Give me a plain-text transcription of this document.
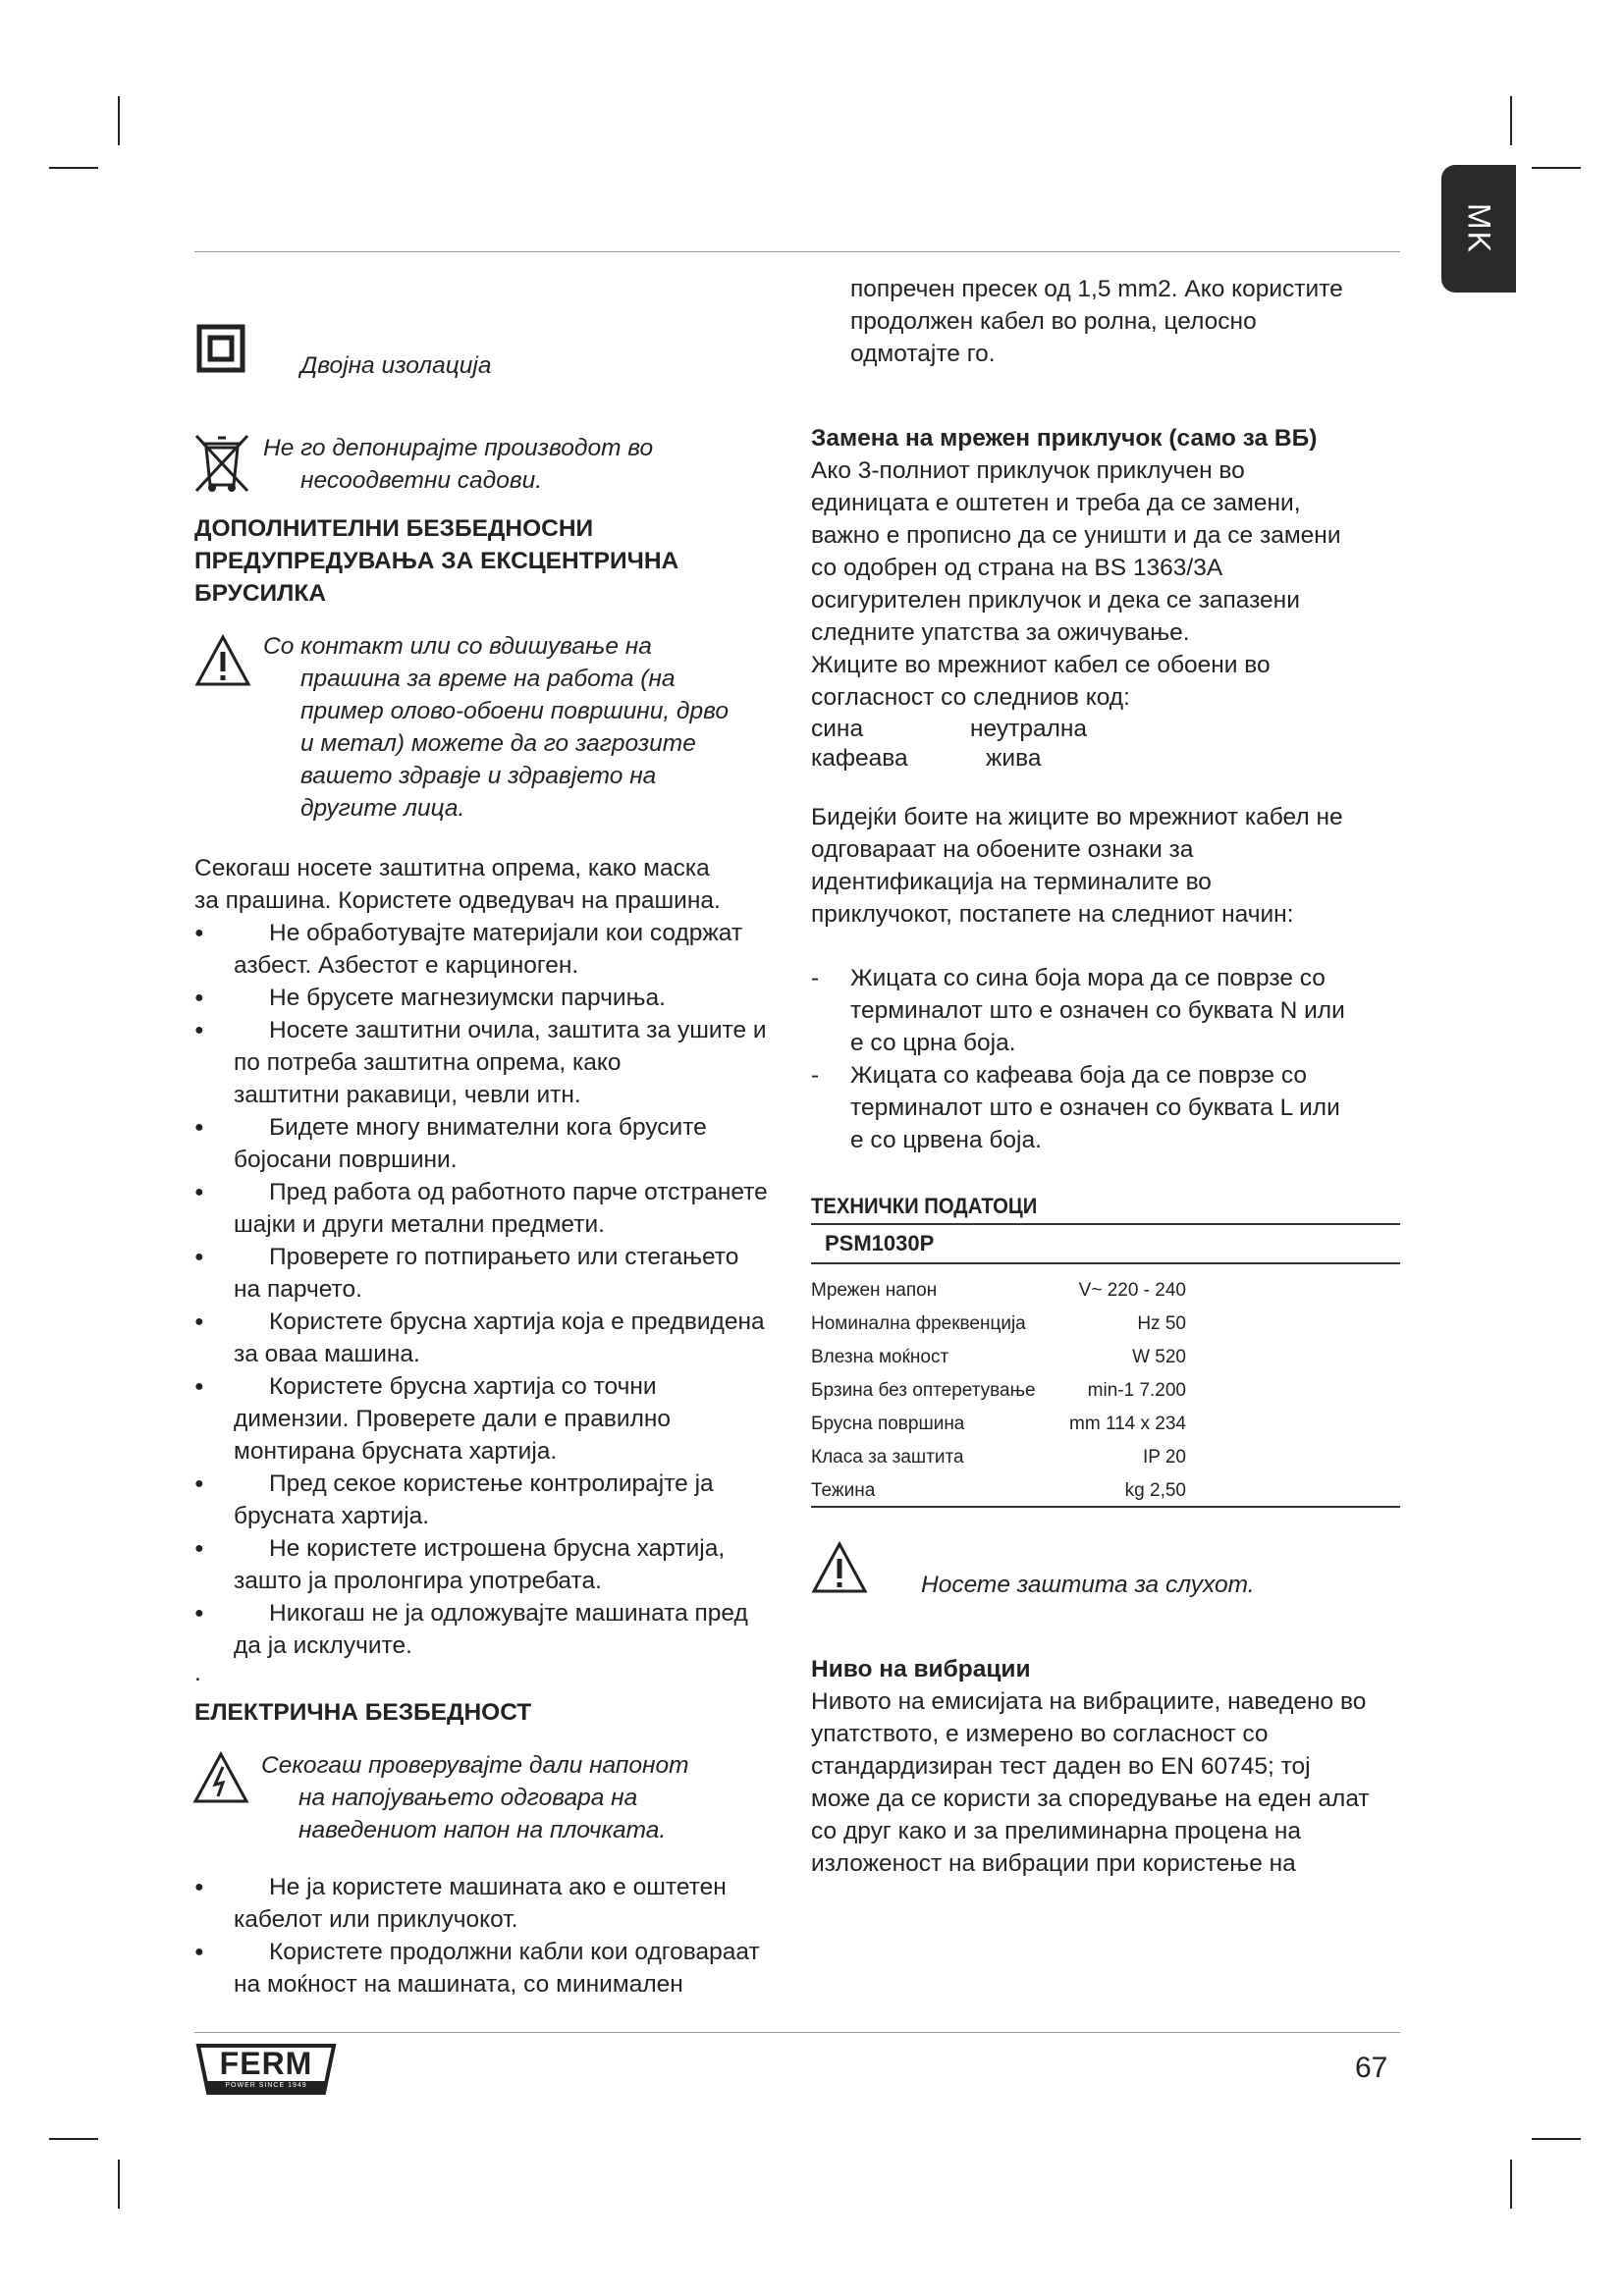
MK
Двојна изолација

Не го депонирајте производот во

несоодветни садови.

ДОПОЛНИТЕЛНИ БЕЗБЕДНОСНИ

ПРЕДУПРЕДУВАЊА ЗА ЕКСЦЕНТРИЧНА

БРУСИЛКА

Со контакт или со вдишување на

прашина за време на работа (на

пример олово-обоени површини, дрво

и метал) можете да го загрозите

вашето здравје и здравјето на

другите лица.

Секогаш носете заштитна опрема, како маска

за прашина. Користете одведувач на прашина.

● Не обработувајте материјали кои содржат
азбест. Азбестот е карциноген.
● Не брусете магнезиумски парчиња.
● Носете заштитни очила, заштита за ушите и
по потреба заштитна опрема, како
заштитни ракавици, чевли итн.
● Бидете многу внимателни кога брусите
бојосани површини.
● Пред работа од работното парче отстранете
шајки и други метални предмети.
● Проверете го потпирањето или стегањето
на парчето.
● Користете брусна хартија која е предвидена
за оваа машина.
● Користете брусна хартија со точни
димензии. Проверете дали е правилно
монтирана брусната хартија.
● Пред секое користење контролирајте ја
брусната хартија.
● Не користете истрошена брусна хартија,
зашто ја пролонгира употребата.
● Никогаш не ја одложувајте машината пред
да ја исклучите.
.
ЕЛЕКТРИЧНА БЕЗБЕДНОСТ

Секогаш проверувајте дали напонот

на напојувањето одговара на

наведениот напон на плочката.

● Не ја користете машината ако е оштетен
кабелот или приклучокот.
● Користете продолжни кабли кои одговараат
на моќност на машината, со минимален

попречен пресек од 1,5 mm2. Ако користите

продолжен кабел во ролна, целосно

одмотајте го.

Замена на мрежен приклучок (само за ВБ)

Ако 3-полниот приклучок приклучен во

единицата е оштетен и треба да се замени,

важно е прописно да се уништи и да се замени

со одобрен од страна на BS 1363/3A

осигурителен приклучок и дека се запазени

следните упатства за ожичување.

Жиците во мрежниот кабел се обоени во

согласност со следниов код:

сина	неутрална
кафеава	жива

Бидејќи боите на жиците во мрежниот кабел не

одговараат на обоените ознаки за

идентификација на терминалите во

приклучокот, постапете на следниот начин:

- Жицата со сина боја мора да се поврзе со
терминалот што е означен со буквата N или
е со црна боја.
- Жицата со кафеава боја да се поврзе со
терминалот што е означен со буквата L или
е со црвена боја.
ТЕХНИЧКИ ПОДАТОЦИ
PSM1030P
Мрежен напон	V~ 220 - 240
Номинална фреквенција	Hz 50
Влезна моќност	W 520
Брзина без оптеретување	min-1 7.200
Брусна површина	mm 114 x 234
Класа за заштита	IP 20
Тежина	kg 2,50
Носете заштита за слухот.
Ниво на вибрации

Нивото на емисијата на вибрациите, наведено во

упатството, е измерено во согласност со

стандардизиран тест даден во EN 60745; тој

може да се користи за споредување на еден алат

со друг како и за прелиминарна процена на

изложеност на вибрации при користење на

FERM
POWER SINCE 1949
67
